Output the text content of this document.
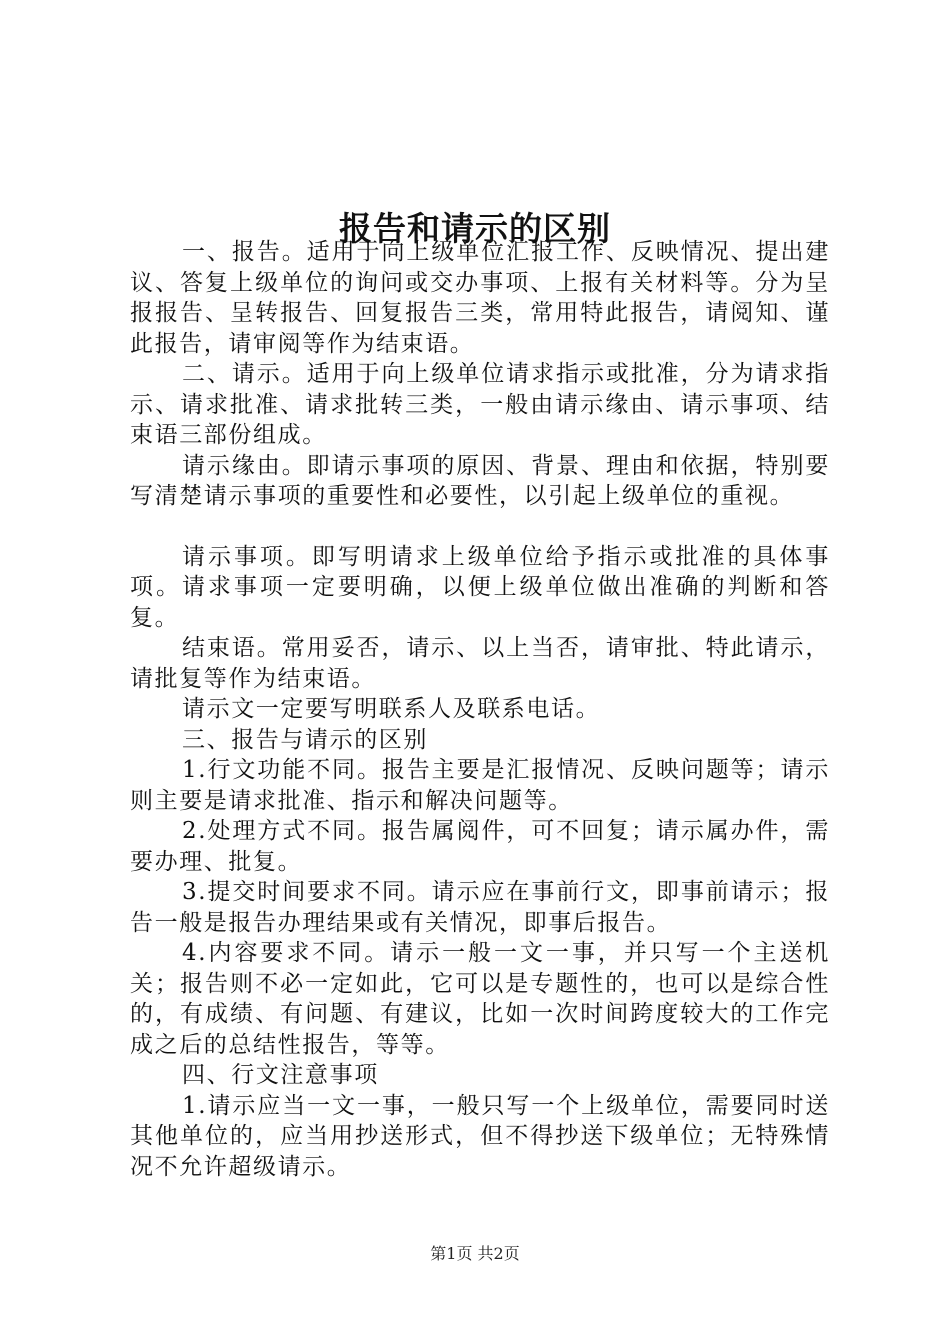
报告和请示的区别

一、报告。适用于向上级单位汇报工作、反映情况、提出建议、答复上级单位的询问或交办事项、上报有关材料等。分为呈报报告、呈转报告、回复报告三类，常用特此报告，请阅知、谨此报告，请审阅等作为结束语。

二、请示。适用于向上级单位请求指示或批准，分为请求指示、请求批准、请求批转三类，一般由请示缘由、请示事项、结束语三部份组成。

请示缘由。即请示事项的原因、背景、理由和依据，特别要写清楚请示事项的重要性和必要性，以引起上级单位的重视。

请示事项。即写明请求上级单位给予指示或批准的具体事项。请求事项一定要明确，以便上级单位做出准确的判断和答复。

结束语。常用妥否，请示、以上当否，请审批、特此请示，请批复等作为结束语。

请示文一定要写明联系人及联系电话。

三、报告与请示的区别

1.行文功能不同。报告主要是汇报情况、反映问题等；请示则主要是请求批准、指示和解决问题等。

2.处理方式不同。报告属阅件，可不回复；请示属办件，需要办理、批复。

3.提交时间要求不同。请示应在事前行文，即事前请示；报告一般是报告办理结果或有关情况，即事后报告。

4.内容要求不同。请示一般一文一事，并只写一个主送机关；报告则不必一定如此，它可以是专题性的，也可以是综合性的，有成绩、有问题、有建议，比如一次时间跨度较大的工作完成之后的总结性报告，等等。

四、行文注意事项

1.请示应当一文一事，一般只写一个上级单位，需要同时送其他单位的，应当用抄送形式，但不得抄送下级单位；无特殊情况不允许超级请示。

第1页 共2页
